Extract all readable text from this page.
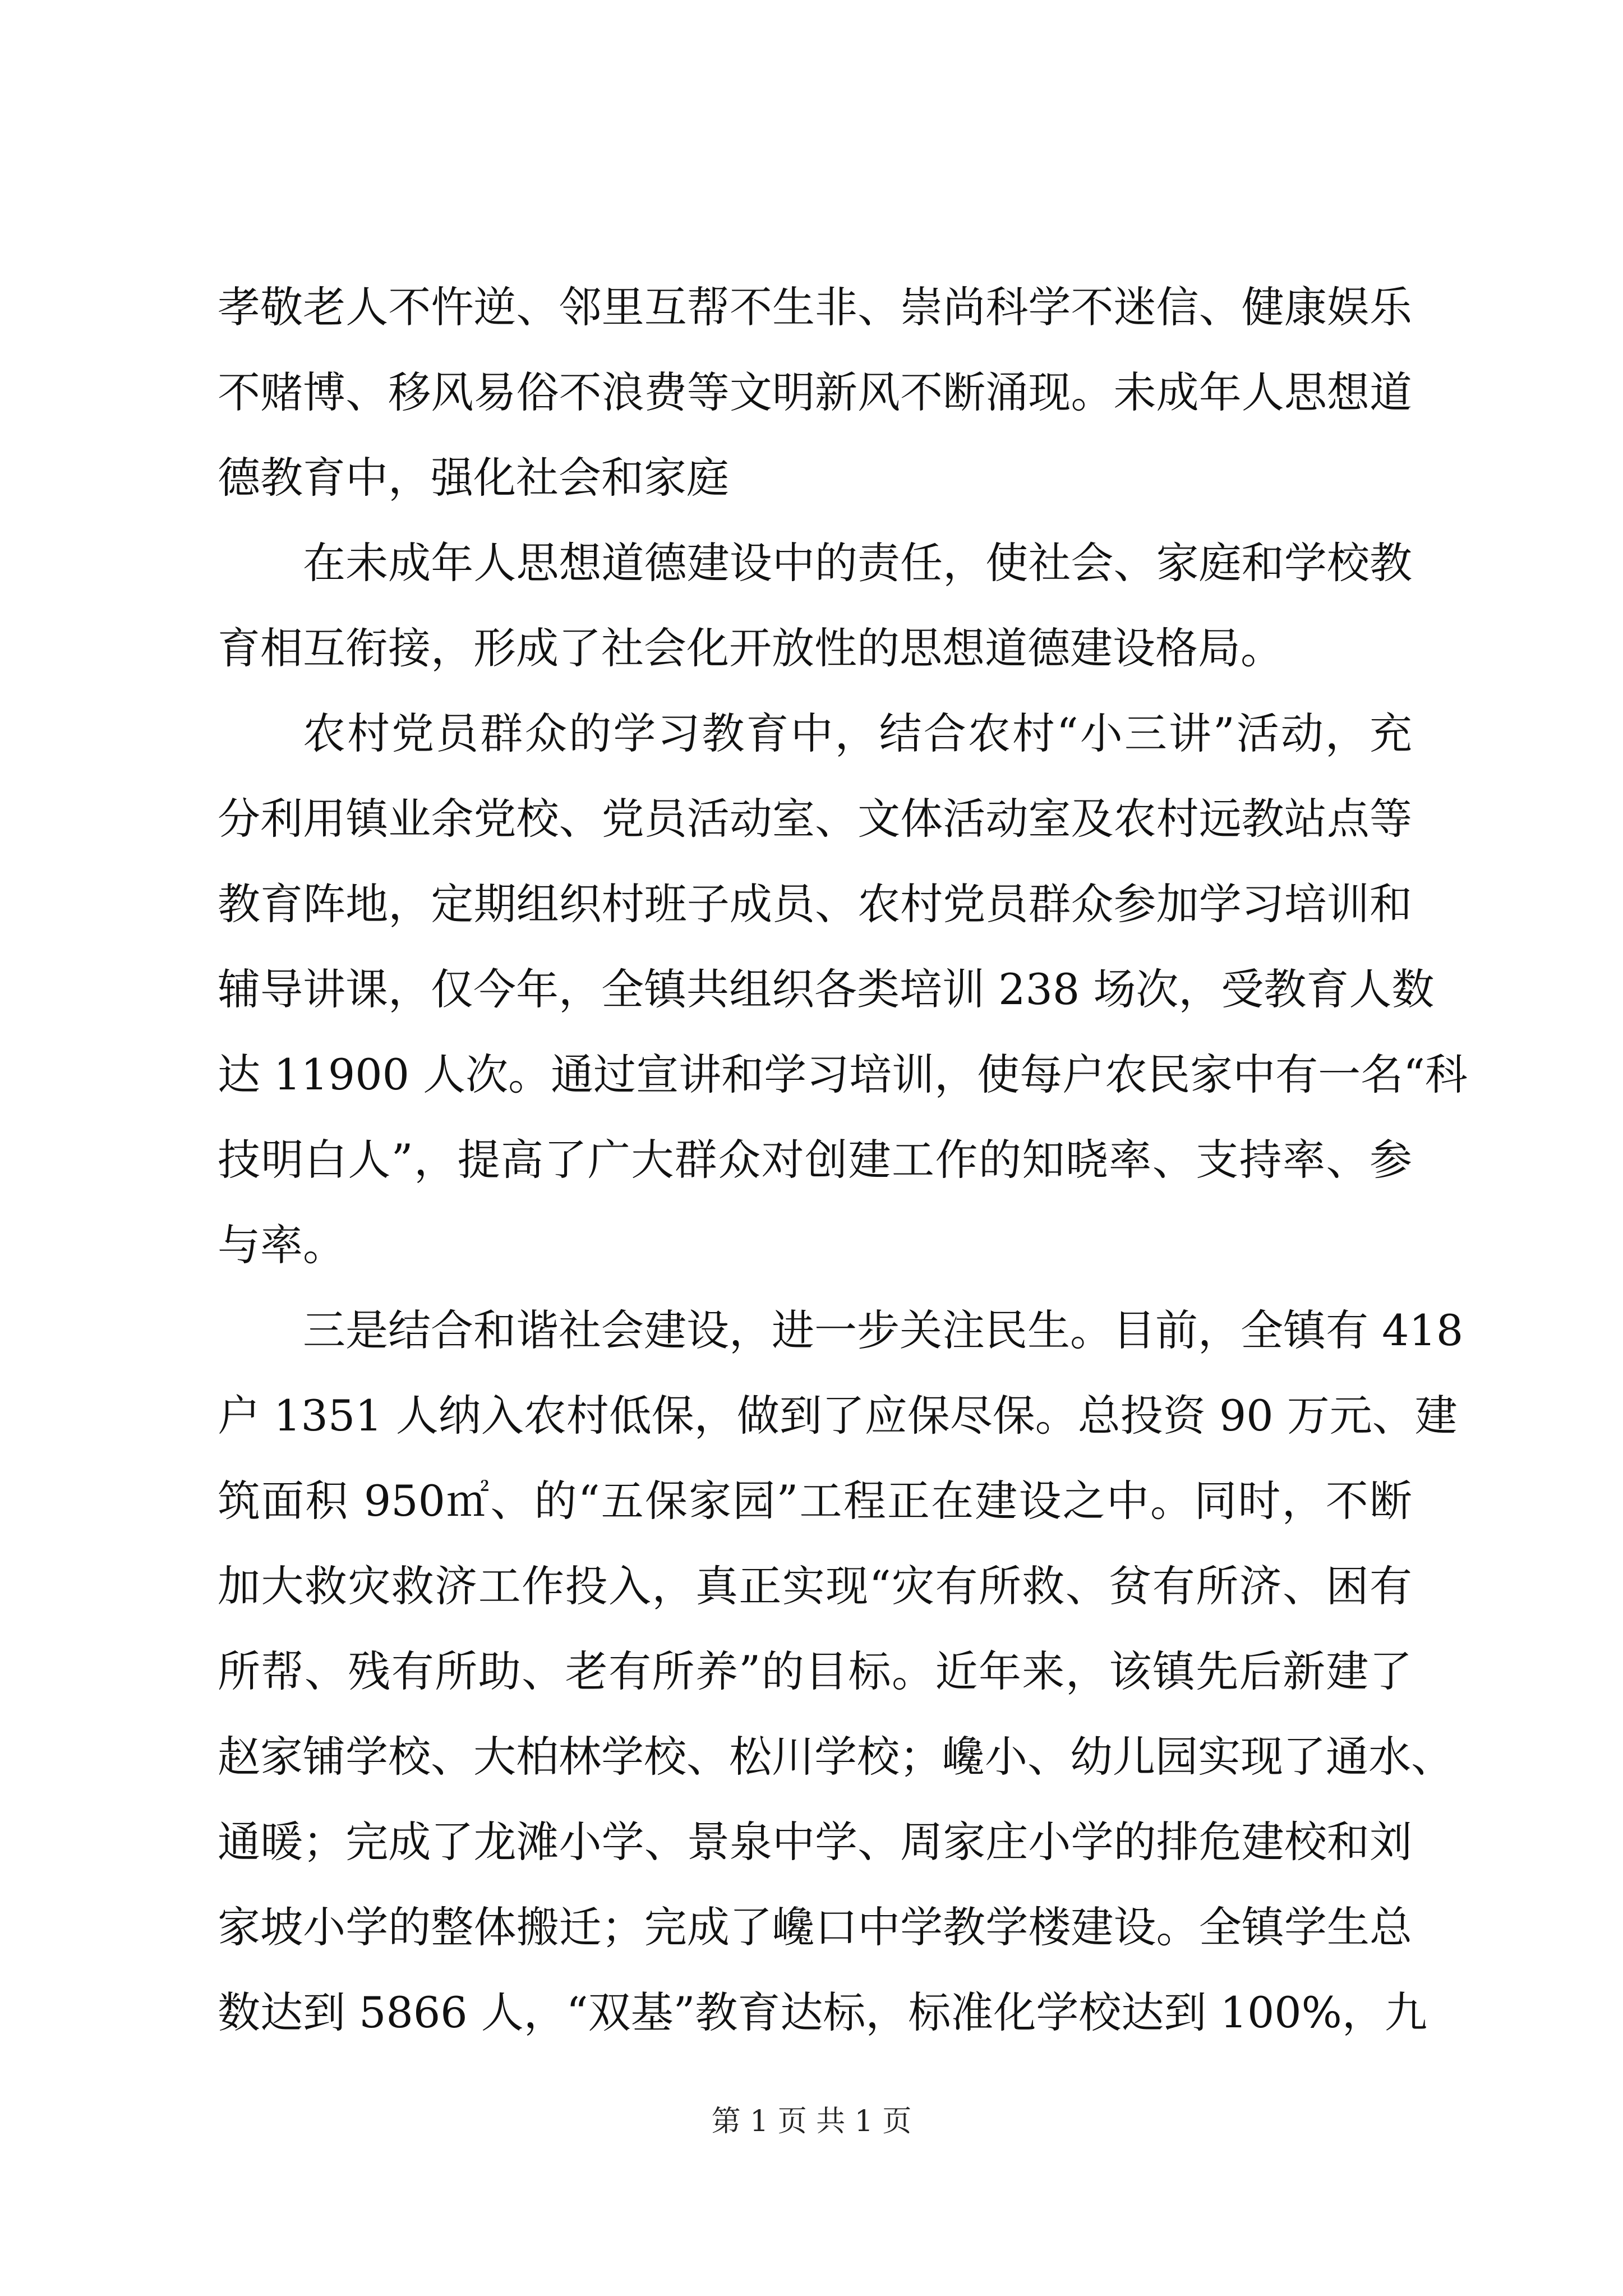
孝敬老人不忤逆、邻里互帮不生非、崇尚科学不迷信、健康娱乐
不赌博、移风易俗不浪费等文明新风不断涌现。未成年人思想道
德教育中，强化社会和家庭
在未成年人思想道德建设中的责任，使社会、家庭和学校教
育相互衔接，形成了社会化开放性的思想道德建设格局。
农村党员群众的学习教育中，结合农村“小三讲”活动，充
分利用镇业余党校、党员活动室、文体活动室及农村远教站点等
教育阵地，定期组织村班子成员、农村党员群众参加学习培训和
辅导讲课，仅今年，全镇共组织各类培训 238 场次，受教育人数
达 11900 人次。通过宣讲和学习培训，使每户农民家中有一名“科
技明白人”，提高了广大群众对创建工作的知晓率、支持率、参
与率。
三是结合和谐社会建设，进一步关注民生。目前，全镇有 418
户 1351 人纳入农村低保，做到了应保尽保。总投资 90 万元、建
筑面积 950㎡、的“五保家园”工程正在建设之中。同时，不断
加大救灾救济工作投入，真正实现“灾有所救、贫有所济、困有
所帮、残有所助、老有所养”的目标。近年来，该镇先后新建了
赵家铺学校、大柏林学校、松川学校；巉小、幼儿园实现了通水、
通暖；完成了龙滩小学、景泉中学、周家庄小学的排危建校和刘
家坡小学的整体搬迁；完成了巉口中学教学楼建设。全镇学生总
数达到 5866 人，“双基”教育达标，标准化学校达到 100%，九
第 1 页 共 1 页
